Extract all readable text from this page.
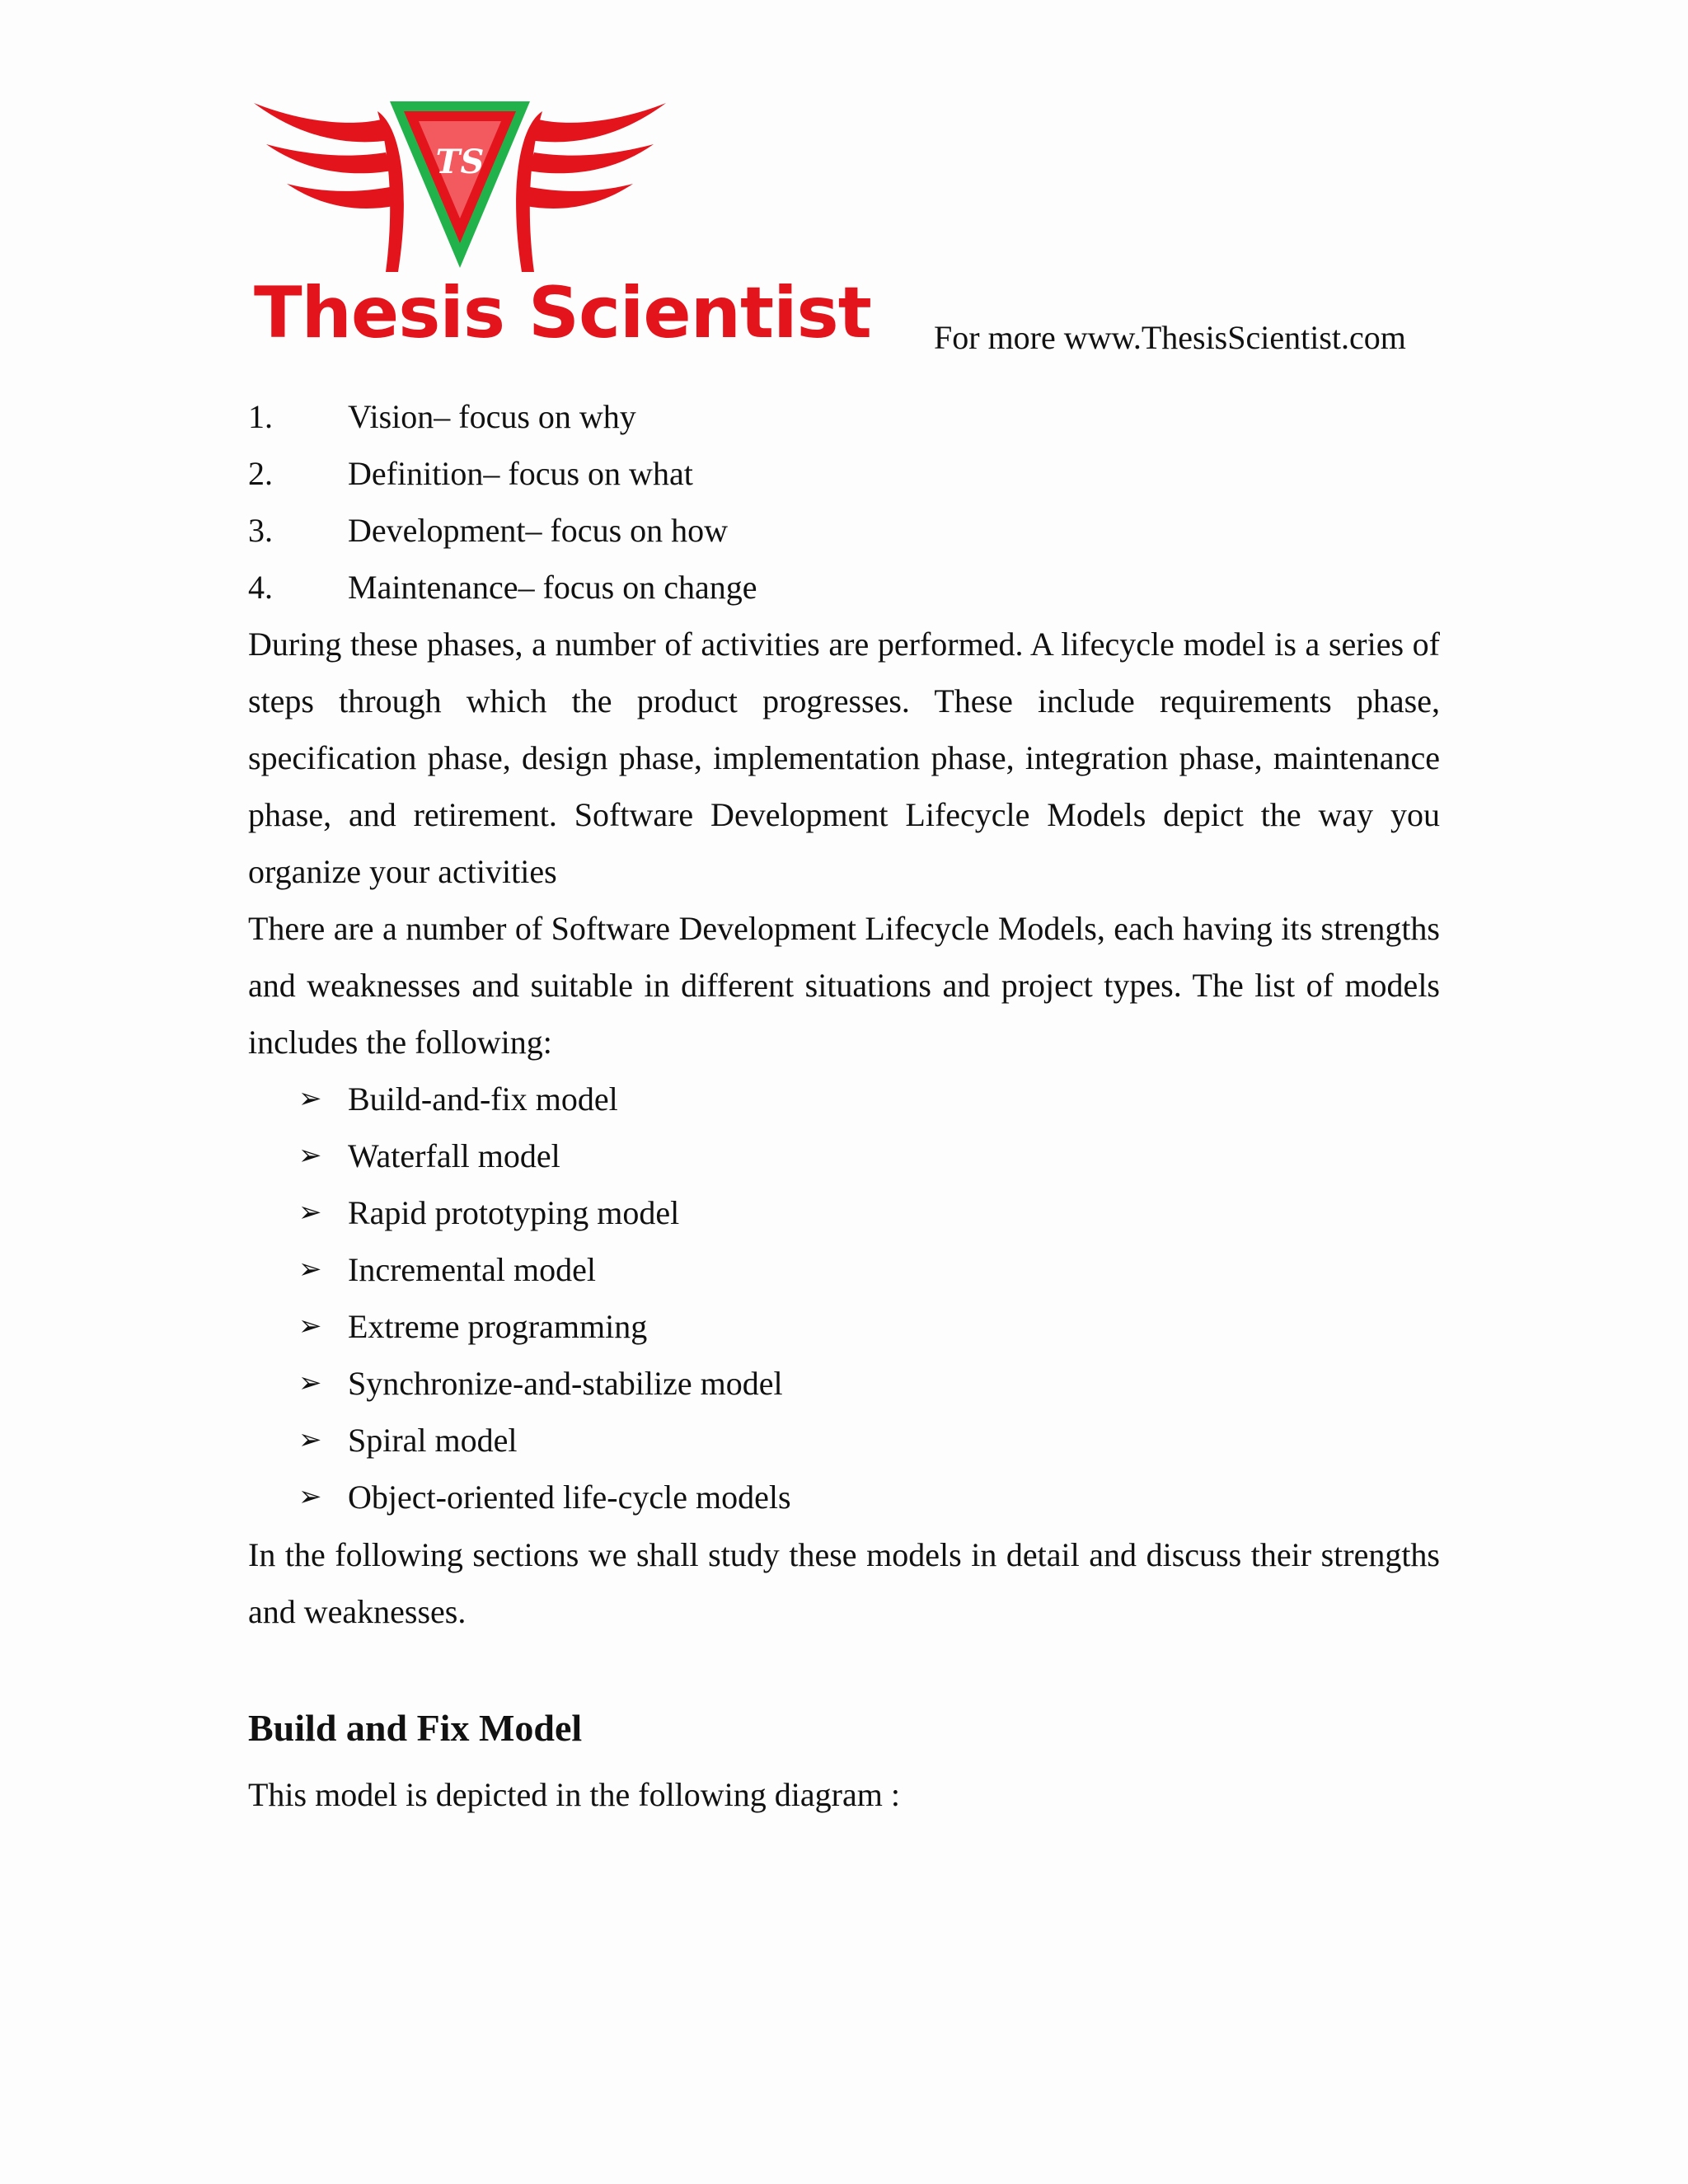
TS
Thesis Scientist For more www.ThesisScientist.com
1. Vision– focus on why
2. Definition– focus on what
3. Development– focus on how
4. Maintenance– focus on change

During these phases, a number of activities are performed. A lifecycle model is a series of steps through which the product progresses. These include requirements phase, specification phase, design phase, implementation phase, integration phase, maintenance phase, and retirement. Software Development Lifecycle Models depict the way you organize your activities

There are a number of Software Development Lifecycle Models, each having its strengths and weaknesses and suitable in different situations and project types. The list of models includes the following:

➢ Build-and-fix model
➢ Waterfall model
➢ Rapid prototyping model
➢ Incremental model
➢ Extreme programming
➢ Synchronize-and-stabilize model
➢ Spiral model
➢ Object-oriented life-cycle models

In the following sections we shall study these models in detail and discuss their strengths and weaknesses.

Build and Fix Model

This model is depicted in the following diagram :
